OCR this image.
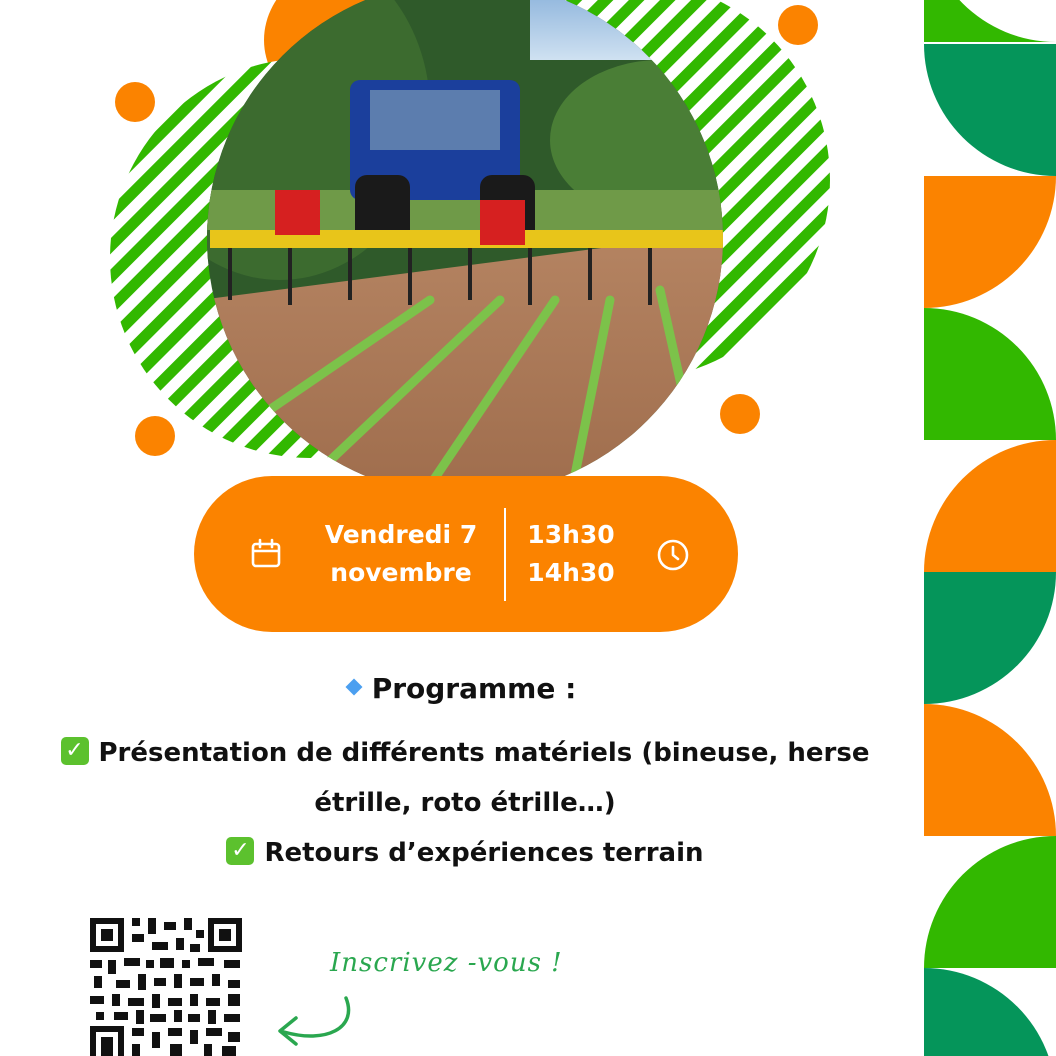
Vendredi 7
novembre
13h30
14h30
Programme :
✓ Présentation de différents matériels (bineuse, herse étrille, roto étrille…)
✓ Retours d’expériences terrain
Inscrivez -vous !
